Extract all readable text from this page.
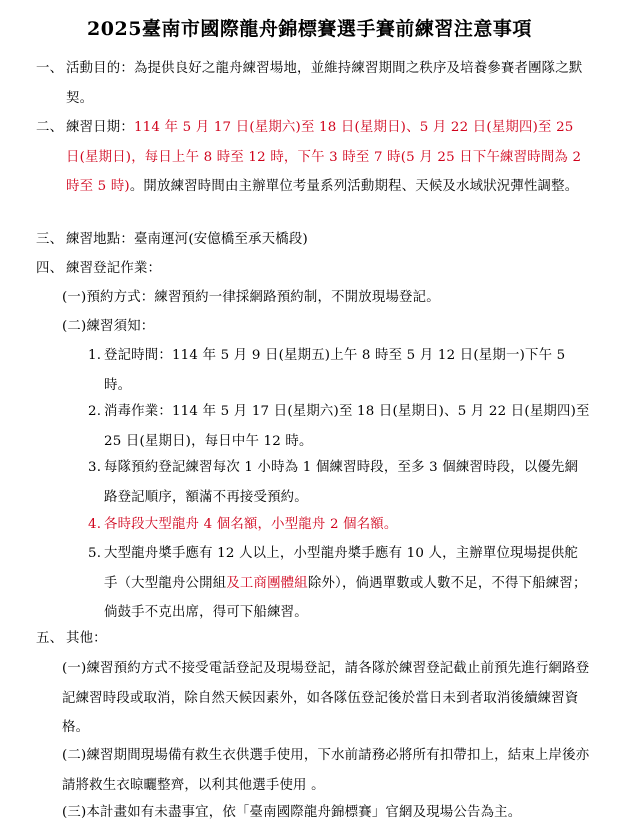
2025臺南市國際龍舟錦標賽選手賽前練習注意事項
一、 活動目的：為提供良好之龍舟練習場地，並維持練習期間之秩序及培養參賽者團隊之默契。
二、 練習日期：114 年 5 月 17 日(星期六)至 18 日(星期日)、5 月 22 日(星期四)至 25 日(星期日)，每日上午 8 時至 12 時，下午 3 時至 7 時(5 月 25 日下午練習時間為 2 時至 5 時)。開放練習時間由主辦單位考量系列活動期程、天候及水域狀況彈性調整。
三、 練習地點：臺南運河(安億橋至承天橋段)
四、 練習登記作業：
(一)預約方式：練習預約一律採網路預約制，不開放現場登記。
(二)練習須知：
1. 登記時間：114 年 5 月 9 日(星期五)上午 8 時至 5 月 12 日(星期一)下午 5 時。
2. 消毒作業：114 年 5 月 17 日(星期六)至 18 日(星期日)、5 月 22 日(星期四)至 25 日(星期日)，每日中午 12 時。
3. 每隊預約登記練習每次 1 小時為 1 個練習時段，至多 3 個練習時段，以優先網路登記順序，額滿不再接受預約。
4. 各時段大型龍舟 4 個名額，小型龍舟 2 個名額。
5. 大型龍舟槳手應有 12 人以上，小型龍舟槳手應有 10 人，主辦單位現場提供舵手（大型龍舟公開組及工商團體組除外），倘遇單數或人數不足，不得下船練習；倘鼓手不克出席，得可下船練習。
五、 其他：
(一)練習預約方式不接受電話登記及現場登記，請各隊於練習登記截止前預先進行網路登記練習時段或取消，除自然天候因素外，如各隊伍登記後於當日未到者取消後續練習資格。
(二)練習期間現場備有救生衣供選手使用，下水前請務必將所有扣帶扣上，結束上岸後亦請將救生衣晾曬整齊，以利其他選手使用 。
(三)本計畫如有未盡事宜，依「臺南國際龍舟錦標賽」官網及現場公告為主。
